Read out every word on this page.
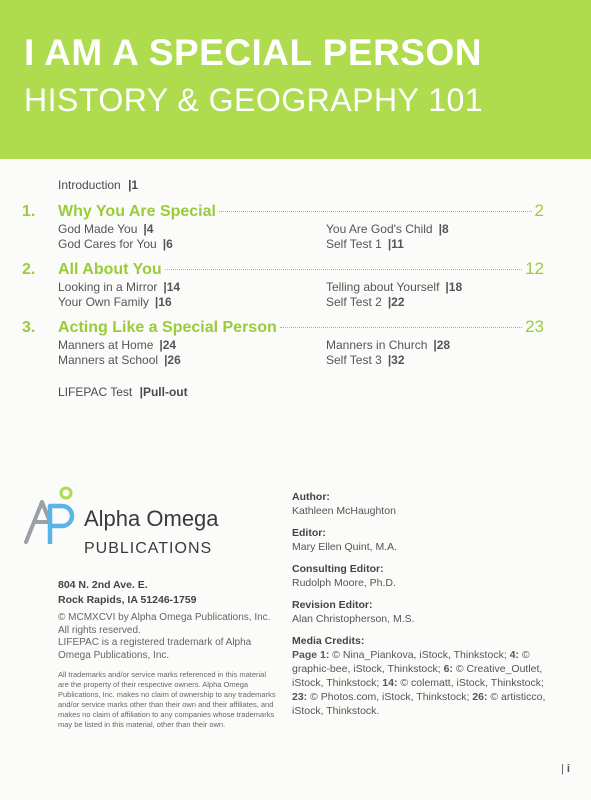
I AM A SPECIAL PERSON
HISTORY & GEOGRAPHY 101
Introduction |1
1.	Why You Are Special	2
God Made You |4
God Cares for You |6
You Are God's Child |8
Self Test 1 |11
2.	All About You	12
Looking in a Mirror |14
Your Own Family |16
Telling about Yourself |18
Self Test 2 |22
3.	Acting Like a Special Person	23
Manners at Home |24
Manners at School |26
Manners in Church |28
Self Test 3 |32
LIFEPAC Test |Pull-out
Alpha Omega
PUBLICATIONS
804 N. 2nd Ave. E.
Rock Rapids, IA 51246-1759
© MCMXCVI by Alpha Omega Publications, Inc.
All rights reserved.
LIFEPAC is a registered trademark of Alpha Omega Publications, Inc.
All trademarks and/or service marks referenced in this material are the property of their respective owners. Alpha Omega Publications, Inc. makes no claim of ownership to any trademarks and/or service marks other than their own and their affiliates, and makes no claim of affiliation to any companies whose trademarks may be listed in this material, other than their own.
Author:
Kathleen McHaughton
Editor:
Mary Ellen Quint, M.A.
Consulting Editor:
Rudolph Moore, Ph.D.
Revision Editor:
Alan Christopherson, M.S.
Media Credits:
Page 1: © Nina_Piankova, iStock, Thinkstock; 4: © graphic-bee, iStock, Thinkstock; 6: © Creative_Outlet, iStock, Thinkstock; 14: © colematt, iStock, Thinkstock; 23: © Photos.com, iStock, Thinkstock; 26: © artisticco, iStock, Thinkstock.
| i
